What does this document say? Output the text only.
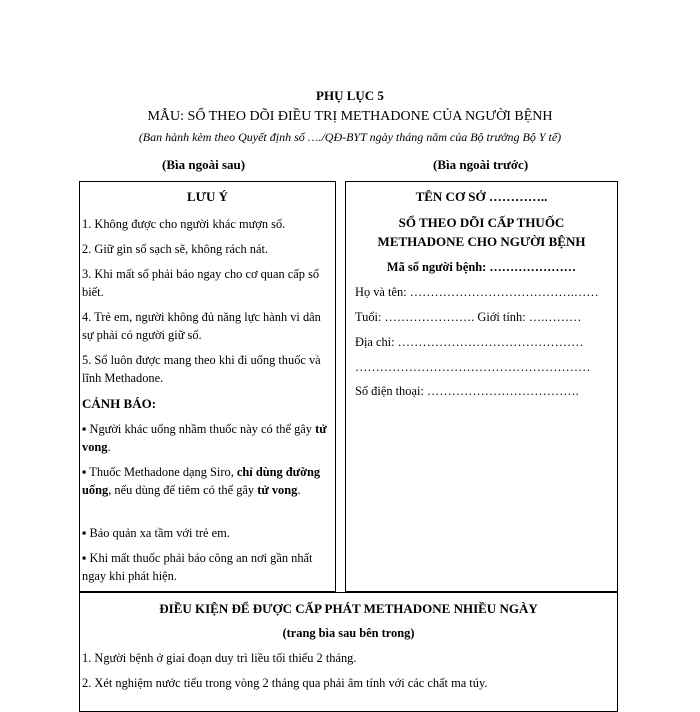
PHỤ LỤC 5
MẪU: SỔ THEO DÕI ĐIỀU TRỊ METHADONE CỦA NGƯỜI BỆNH
(Ban hành kèm theo Quyết định số …./QĐ-BYT ngày tháng năm của Bộ trưởng Bộ Y tế)
(Bìa ngoài sau)	(Bìa ngoài trước)
LƯU Ý
1. Không được cho người khác mượn sổ.
2. Giữ gìn sổ sạch sẽ, không rách nát.
3. Khi mất sổ phải báo ngay cho cơ quan cấp sổ biết.
4. Trẻ em, người không đủ năng lực hành vi dân sự phải có người giữ sổ.
5. Sổ luôn được mang theo khi đi uống thuốc và lĩnh Methadone.
CẢNH BÁO:
▪ Người khác uống nhầm thuốc này có thể gây tử vong.
▪ Thuốc Methadone dạng Siro, chỉ dùng đường uống, nếu dùng để tiêm có thể gây tử vong.
▪ Bảo quản xa tầm với trẻ em.
▪ Khi mất thuốc phải báo công an nơi gần nhất ngay khi phát hiện.
TÊN CƠ SỞ …………..
SỔ THEO DÕI CẤP THUỐC
METHADONE CHO NGƯỜI BỆNH
Mã số người bệnh: …………………
Họ và tên: ………………………………….……
Tuổi: …………………. Giới tính: ….………
Địa chỉ: ………………………………………
…………………………………………………
Số điện thoại: ……………………………….
ĐIỀU KIỆN ĐỂ ĐƯỢC CẤP PHÁT METHADONE NHIỀU NGÀY
(trang bìa sau bên trong)
1. Người bệnh ở giai đoạn duy trì liều tối thiểu 2 tháng.
2. Xét nghiệm nước tiểu trong vòng 2 tháng qua phải âm tính với các chất ma túy.
